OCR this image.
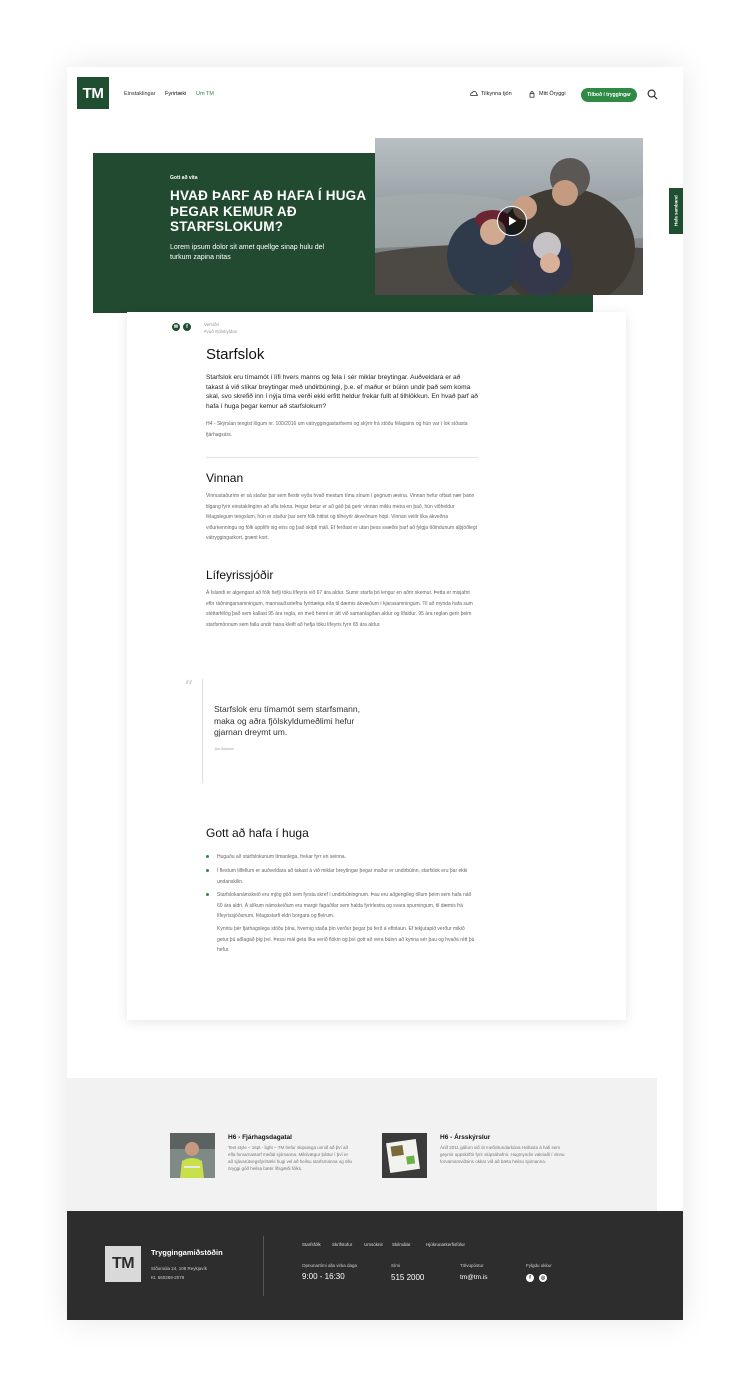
TM	Einstaklingar Fyrirtæki Um TM	Tilkynna tjón	Mitt Öryggi	Tilboð í tryggingar
Hafa samband
Gott að vita
HVAÐ ÞARF AÐ HAFA Í HUGA ÞEGAR KEMUR AÐ STARFSLOKUM?
Lorem ipsum dolor sit amet quellge sinap hulu del turkum zapina nitas
✉	f	Vefsíðri
#vuð #jólskyldan
Starfslok
Starfslok eru tímamót í lífi hvers manns og fela í sér miklar breytingar. Auðveldara er að takast á við slíkar breytingar með undirbúningi, þ.e. ef maður er búinn undir það sem koma skal, svo skrefið inn í nýja tíma verði ekki erfitt heldur frekar fullt af tilhlökkun. En hvað þarf að hafa í huga þegar kemur að starfslokum?
H4 - Skýrslan tengist lögum nr. 100/2016 um vátryggingastarfsemi og skýrir frá stöðu félagsins og hún var í lok síðasta fjárhagsárs.
Vinnan
Vinnustaðurinn er sá staður þar sem flestir eyða hvað mestum tíma sínum í gegnum ævina. Vinnan hefur oftast nær þann tilgang fyrir einstaklinginn að afla tekna. Þegar betur er að gáð þá gerir vinnan miklu meira en það, hún viðheldur félagslegum tengslum, hún er staður þar sem fólk hittist og tilheyrir ákveðnum hópi. Vinnan veitir líka ákveðna viðurkenningu og fólk upplifir sig eins og það skipti máli. Ef ferðast er utan þess svæðis þarf að fylgja tíðindunum alþjóðlegt vátryggingarkort, grænt kort.
Lífeyrissjóðir
Á Íslandi er algengast að fólk hefji töku lífeyris við 67 ára aldur. Sumir starfa þó lengur en aðrir skemur. Þetta er misjafnt eftir ráðningarsamningum, mannauðsstefnu fyrirtækja eða til dæmis ákvæðum í kjarasamningum. Til að mynda hafa sum stéttarfélög það sem kallast 95 ára regla, en með henni er átt við samanlagðan aldur og lífaldur. 95 ára reglan gerir þeim starfsmönnum sem falla undir hana kleift að hefja töku lífeyris fyrir 65 ára aldur.
“
Starfslok eru tímamót sem starfsmann, maka og aðra fjölskyldumeðlimi hefur gjarnan dreymt um.
Jón Jónsson
Gott að hafa í huga
Hugaðu að starfslokunum tímanlega, frekar fyrr en seinna.
Í flestum tilfellum er auðveldara að takast á við miklar breytingar þegar maður er undirbúinn, starfslok eru þar ekki undanskilin.
Starfslokanámskeið eru mjög góð sem fyrsta skref í undirbúningnum. Þau eru aðgengileg öllum þeim sem hafa náð 60 ára aldri. Á slíkum námskeiðum eru margir fagaðilar sem halda fyrirlestra og svara spurningum, til dæmis frá lífeyrissjóðunum, félagsstarfi eldri borgara og fleirum.
Kynntu þér fjárhagslega stöðu þína, hvernig staða þín verður þegar þú ferð á eftirlaun. Ef tekjutapið verður mikið getur þú aðlagað þig því. Þessi mál geta líka verið flókin og því gott að vera búinn að kynna sér þau og hvaða rétt þú hefur.
H6 - Fjárhagsdagatal
Text style – 16pt - light – TM hefur skipulega unnið að því að efla forvarnastarf meðal sjómanna. Mikilvægur þáttur í því er að sjávarútvegsfyrirtæki hugi vel að heilsu starfsmanna og öllu öryggi góð heilsa bætir lífsgæði fólks.
H6 - Ársskýrslur
Árið 2011 gáfum við út meðvitundarkúna Hollusta á hafi sem geymir uppskriftir fyrir skipsáhafnir. Hugmyndin vaknaði í vinnu forvarnarsviðsins okkar við að bæta heilsu sjómanna.
TM
Tryggingamiðstöðin
Síðumúla 24, 108 Reykjavík
Kt. 660269-2079
Starfsfólk Skrifstofur	Umsóknir Skilmálar	Hjúkrunarkerfisfólur
Opnunartími alla virka daga
9:00 - 16:30
Sími
515 2000
Tölvupóstur
tm@tm.is
Fylgdu okkur
f	◎
